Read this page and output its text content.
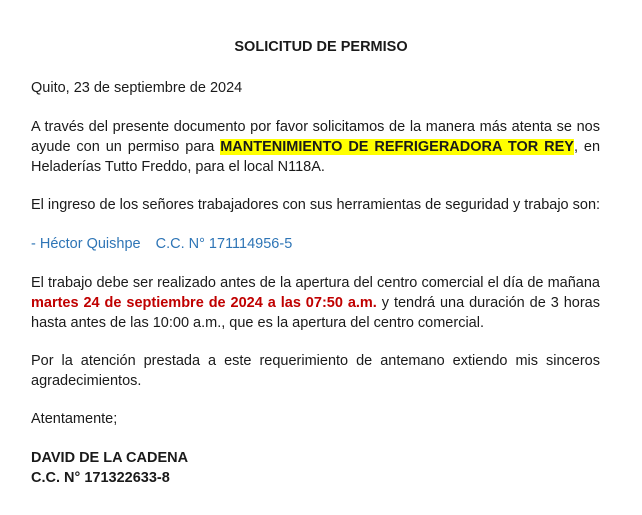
SOLICITUD DE PERMISO
Quito, 23 de septiembre de 2024
A través del presente documento por favor solicitamos de la manera más atenta se nos
ayude con un permiso para MANTENIMIENTO DE REFRIGERADORA TOR REY, en
Heladerías Tutto Freddo, para el local N118A.
El ingreso de los señores trabajadores con sus herramientas de seguridad y trabajo son:
- Héctor Quishpe C.C. N° 171114956-5
El trabajo debe ser realizado antes de la apertura del centro comercial el día de mañana
martes 24 de septiembre de 2024 a las 07:50 a.m. y tendrá una duración de 3 horas
hasta antes de las 10:00 a.m., que es la apertura del centro comercial.
Por la atención prestada a este requerimiento de antemano extiendo mis sinceros
agradecimientos.
Atentamente;
DAVID DE LA CADENA
C.C. N° 171322633-8
